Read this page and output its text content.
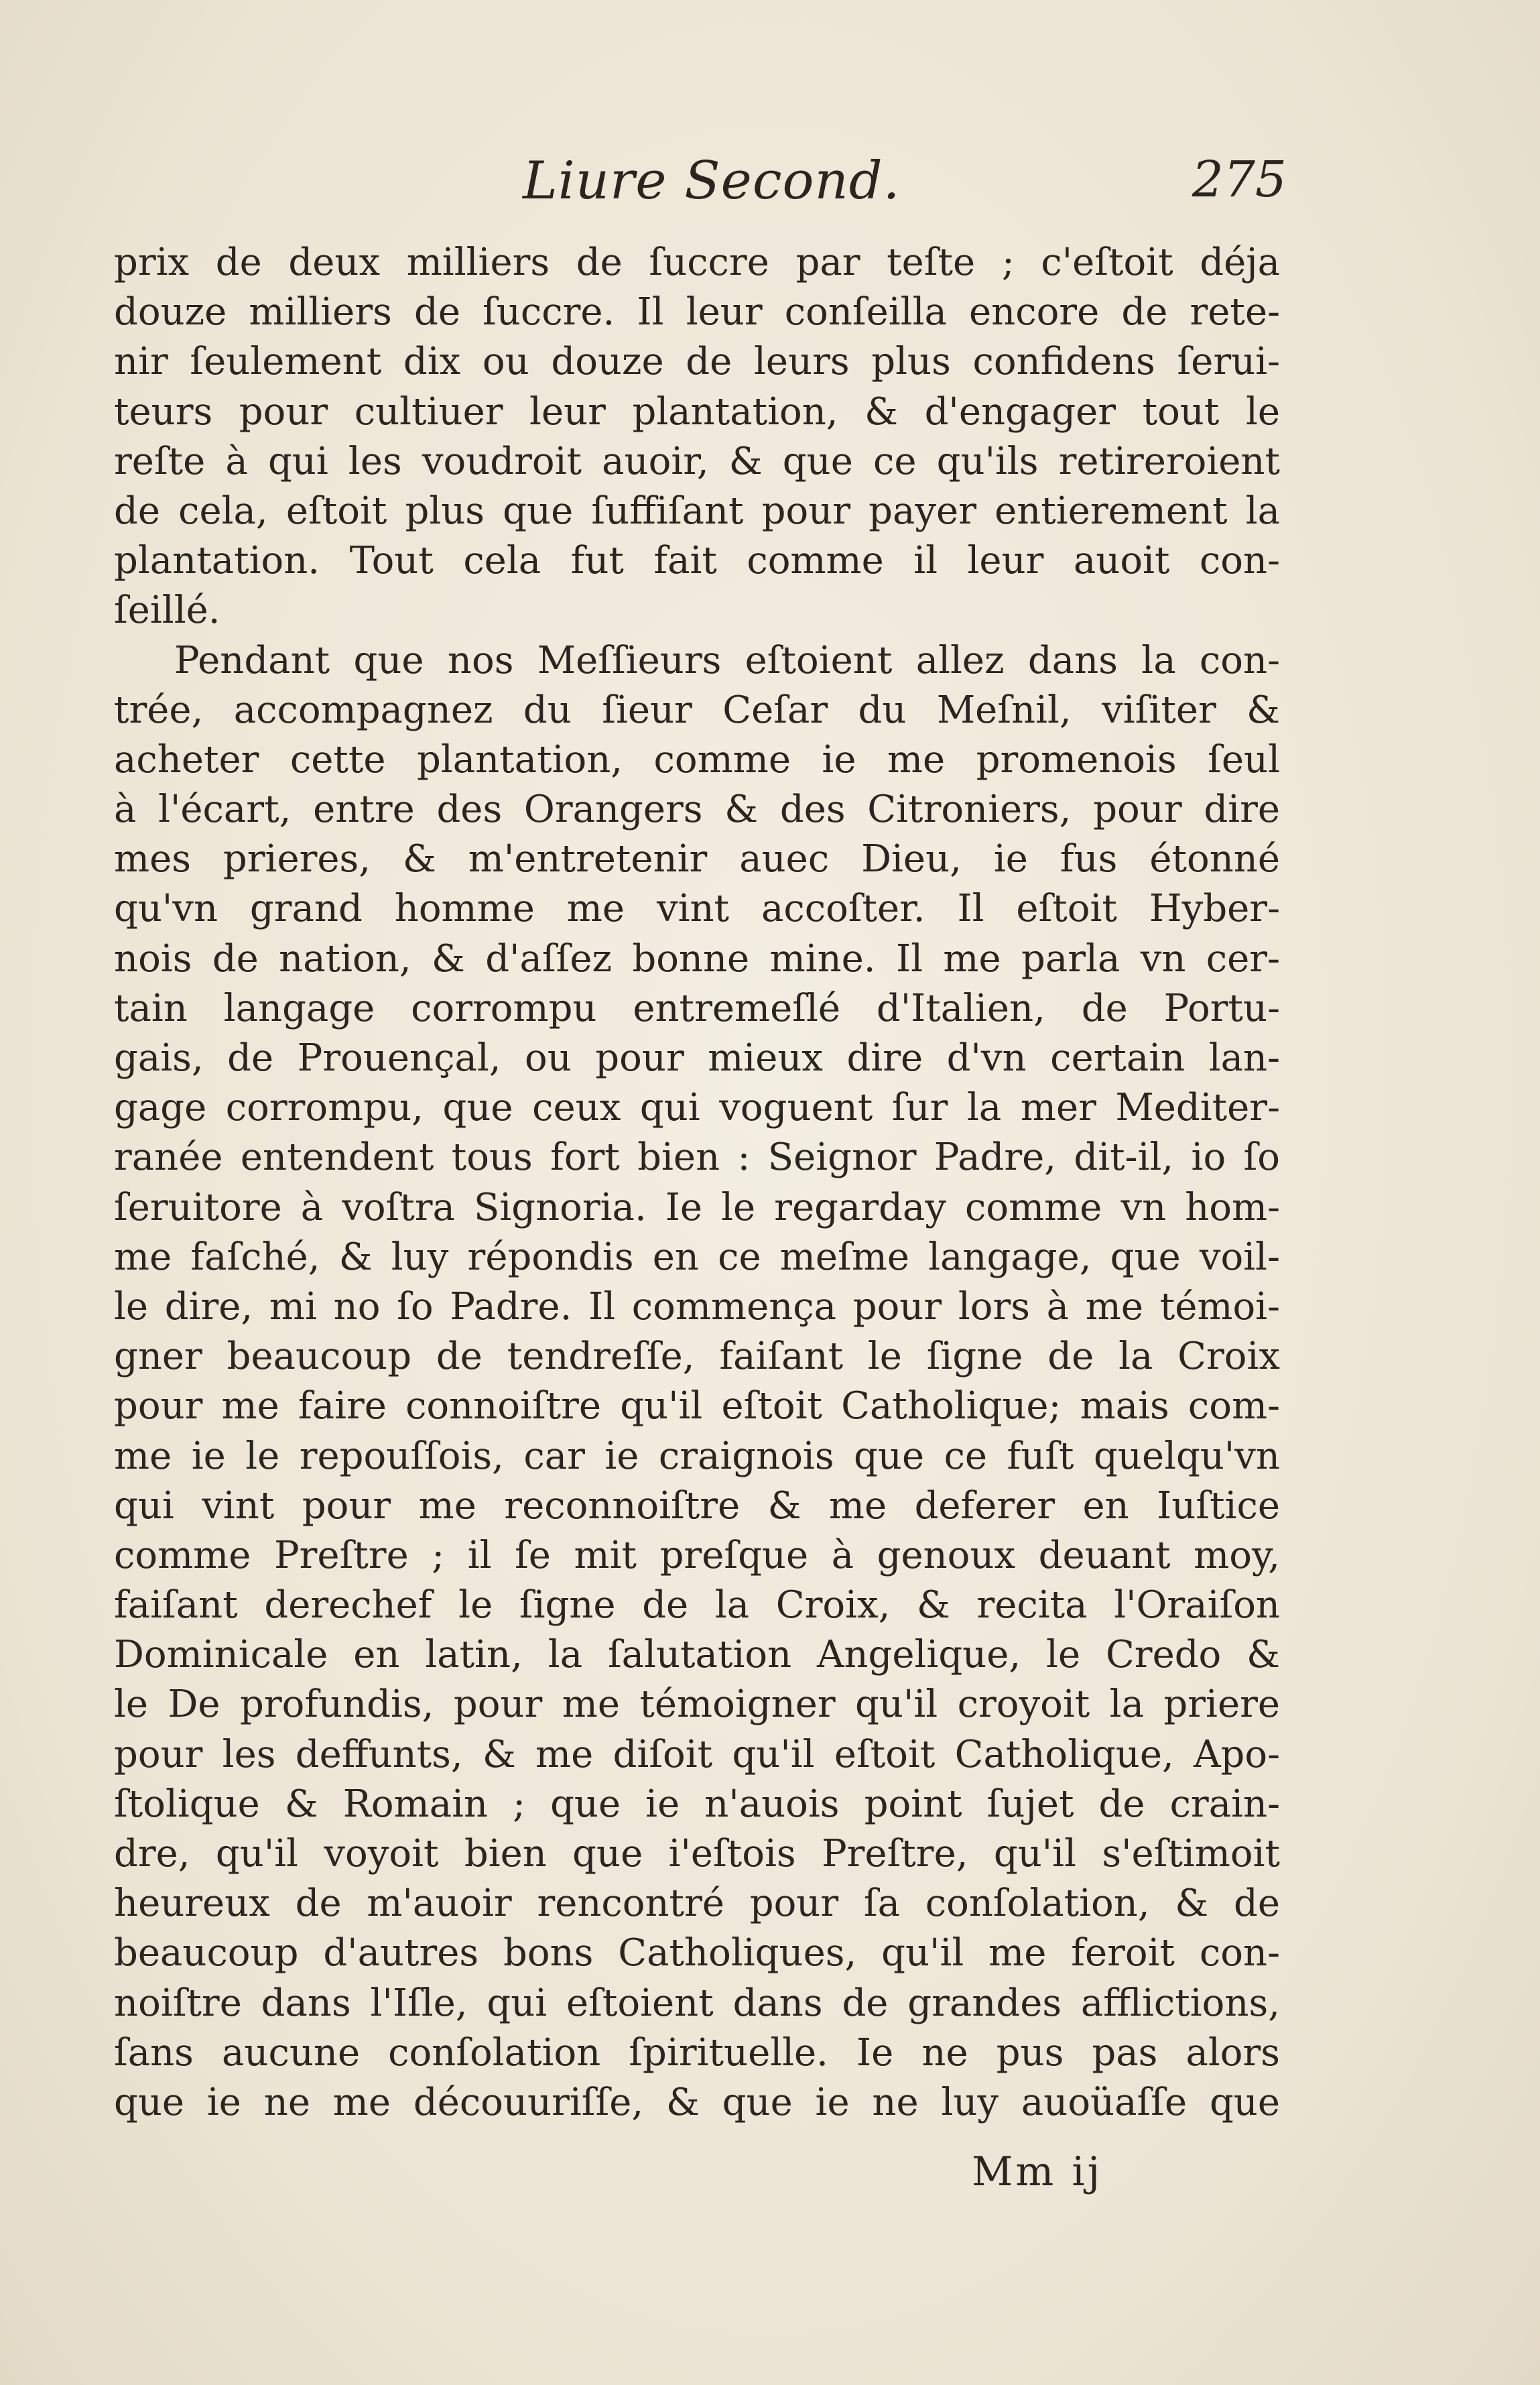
Liure Second.	275
prix de deux milliers de ſuccre par teſte ; c'eſtoit déja
douze milliers de ſuccre. Il leur conſeilla encore de rete-
nir ſeulement dix ou douze de leurs plus confidens ſerui-
teurs pour cultiuer leur plantation, & d'engager tout le
reſte à qui les voudroit auoir, & que ce qu'ils retireroient
de cela, eſtoit plus que ſuffiſant pour payer entierement la
plantation. Tout cela fut fait comme il leur auoit con-
ſeillé.
Pendant que nos Meſſieurs eſtoient allez dans la con-
trée, accompagnez du ſieur Ceſar du Meſnil, viſiter &
acheter cette plantation, comme ie me promenois ſeul
à l'écart, entre des Orangers & des Citroniers, pour dire
mes prieres, & m'entretenir auec Dieu, ie fus étonné
qu'vn grand homme me vint accoſter. Il eſtoit Hyber-
nois de nation, & d'aſſez bonne mine. Il me parla vn cer-
tain langage corrompu entremeſlé d'Italien, de Portu-
gais, de Prouençal, ou pour mieux dire d'vn certain lan-
gage corrompu, que ceux qui voguent ſur la mer Mediter-
ranée entendent tous fort bien : Seignor Padre, dit-il, io ſo
ſeruitore à voſtra Signoria. Ie le regarday comme vn hom-
me faſché, & luy répondis en ce meſme langage, que voil-
le dire, mi no ſo Padre. Il commença pour lors à me témoi-
gner beaucoup de tendreſſe, faiſant le ſigne de la Croix
pour me faire connoiſtre qu'il eſtoit Catholique; mais com-
me ie le repouſſois, car ie craignois que ce fuſt quelqu'vn
qui vint pour me reconnoiſtre & me deferer en Iuſtice
comme Preſtre ; il ſe mit preſque à genoux deuant moy,
faiſant derechef le ſigne de la Croix, & recita l'Oraiſon
Dominicale en latin, la ſalutation Angelique, le Credo &
le De profundis, pour me témoigner qu'il croyoit la priere
pour les deffunts, & me diſoit qu'il eſtoit Catholique, Apo-
ſtolique & Romain ; que ie n'auois point ſujet de crain-
dre, qu'il voyoit bien que i'eſtois Preſtre, qu'il s'eſtimoit
heureux de m'auoir rencontré pour ſa conſolation, & de
beaucoup d'autres bons Catholiques, qu'il me feroit con-
noiſtre dans l'Iſle, qui eſtoient dans de grandes afflictions,
ſans aucune conſolation ſpirituelle. Ie ne pus pas alors
que ie ne me découuriſſe, & que ie ne luy auoüaſſe que
Mm ij
